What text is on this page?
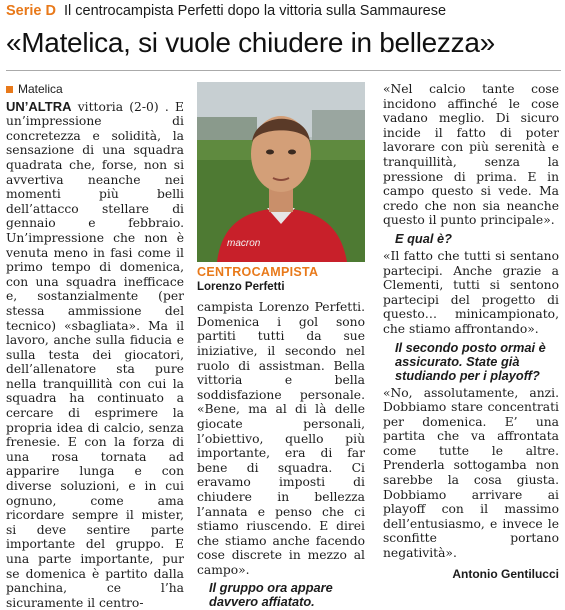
Serie D Il centrocampista Perfetti dopo la vittoria sulla Sammaurese
«Matelica, si vuole chiudere in bellezza»
Matelica

UN’ALTRA vittoria (2-0) . E un’impressione di concretezza e solidità, la sensazione di una squadra quadrata che, forse, non si avvertiva neanche nei momenti più belli dell’attacco stellare di gennaio e febbraio. Un’impressione che non è venuta meno in fasi come il primo tempo di domenica, con una squadra inefficace e, sostanzialmente (per stessa ammissione del tecnico) «sbagliata». Ma il lavoro, anche sulla fiducia e sulla testa dei giocatori, dell’allenatore sta pure nella tranquillità con cui la squadra ha continuato a cercare di esprimere la propria idea di calcio, senza frenesie. E con la forza di una rosa tornata ad apparire lunga e con diverse soluzioni, e in cui ognuno, come ama ricordare sempre il mister, si deve sentire parte importante del gruppo. E una parte importante, pur se domenica è partito dalla panchina, ce l’ha sicuramente il centro-

macron
CENTROCAMPISTA
Lorenzo Perfetti

campista Lorenzo Perfetti. Domenica i gol sono partiti tutti da sue iniziative, il secondo nel ruolo di assistman. Bella vittoria e bella soddisfazione personale. «Bene, ma al di là delle giocate personali, l’obiettivo, quello più importante, era di far bene di squadra. Ci eravamo imposti di chiudere in bellezza l’annata e penso che ci stiamo riuscendo. E direi che stiamo anche facendo cose discrete in mezzo al campo».

Il gruppo ora appare davvero affiatato.

«Nel calcio tante cose incidono affinché le cose vadano meglio. Di sicuro incide il fatto di poter lavorare con più serenità e tranquillità, senza la pressione di prima. E in campo questo si vede. Ma credo che non sia neanche questo il punto principale».

E qual è?

«Il fatto che tutti si sentano partecipi. Anche grazie a Clementi, tutti si sentono partecipi del progetto di questo… minicampionato, che stiamo affrontando».

Il secondo posto ormai è assicurato. State già studiando per i playoff?

«No, assolutamente, anzi. Dobbiamo stare concentrati per domenica. E’ una partita che va affrontata come tutte le altre. Prenderla sottogamba non sarebbe la cosa giusta. Dobbiamo arrivare ai playoff con il massimo dell’entusiasmo, e invece le sconfitte portano negatività».

Antonio Gentilucci
